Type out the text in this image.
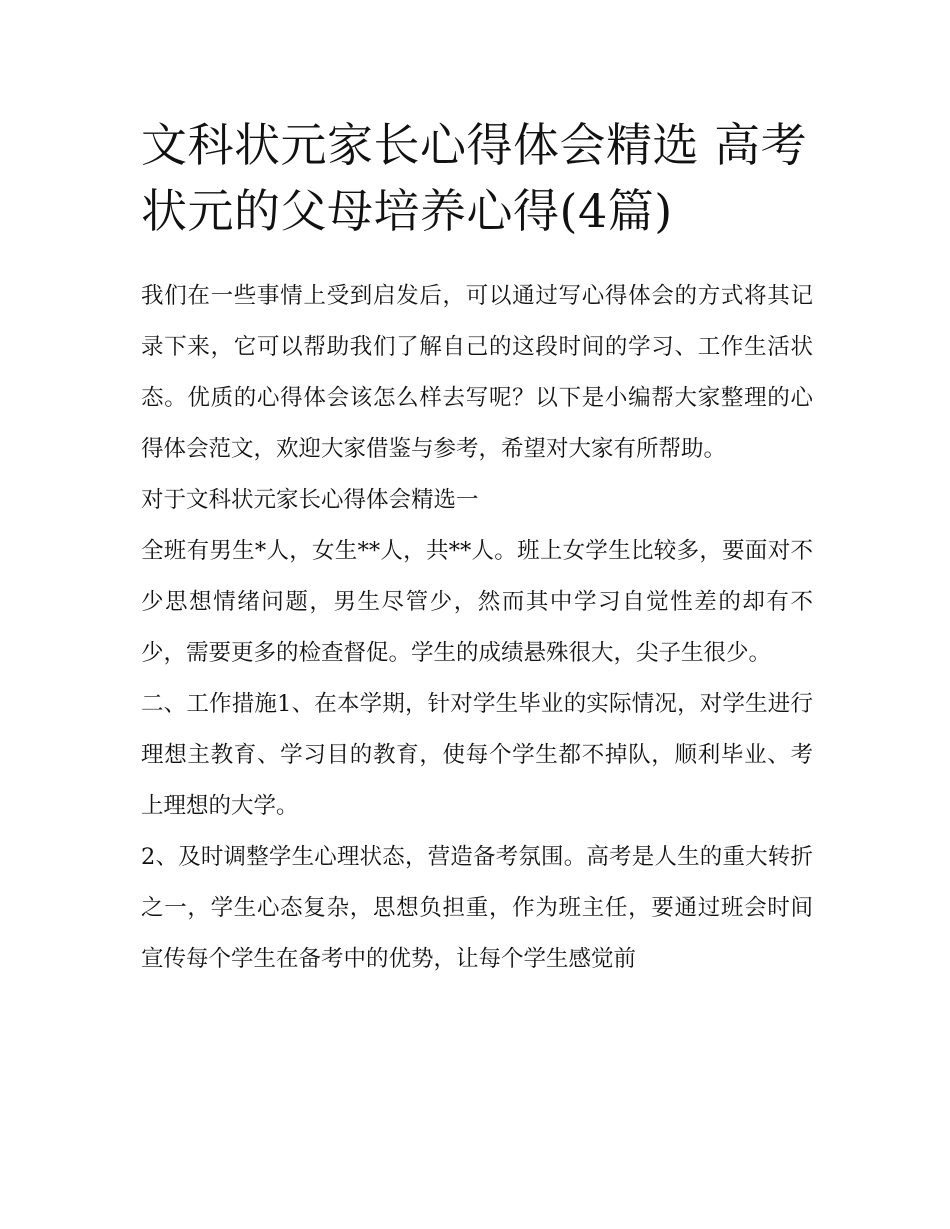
文科状元家长心得体会精选 高考状元的父母培养心得(4篇)

我们在一些事情上受到启发后，可以通过写心得体会的方式将其记录下来，它可以帮助我们了解自己的这段时间的学习、工作生活状态。优质的心得体会该怎么样去写呢？以下是小编帮大家整理的心得体会范文，欢迎大家借鉴与参考，希望对大家有所帮助。

对于文科状元家长心得体会精选一

全班有男生*人，女生**人，共**人。班上女学生比较多，要面对不少思想情绪问题，男生尽管少，然而其中学习自觉性差的却有不少，需要更多的检查督促。学生的成绩悬殊很大，尖子生很少。

二、工作措施1、在本学期，针对学生毕业的实际情况，对学生进行理想主教育、学习目的教育，使每个学生都不掉队，顺利毕业、考上理想的大学。

2、及时调整学生心理状态，营造备考氛围。高考是人生的重大转折之一，学生心态复杂，思想负担重，作为班主任，要通过班会时间宣传每个学生在备考中的优势，让每个学生感觉前
